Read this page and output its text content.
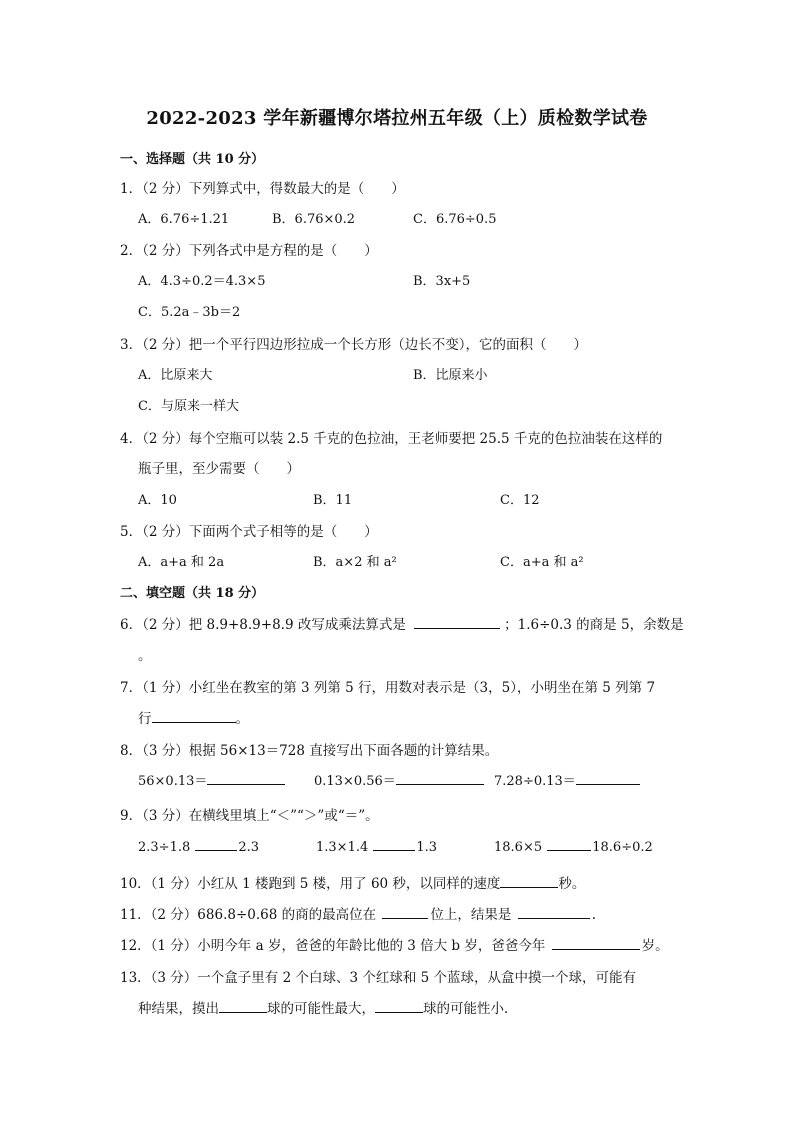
2022-2023 学年新疆博尔塔拉州五年级（上）质检数学试卷
一、选择题（共 10 分）
1．（2 分）下列算式中，得数最大的是（　　）
A．6.76÷1.21	B．6.76×0.2	C．6.76÷0.5
2．（2 分）下列各式中是方程的是（　　）
A．4.3÷0.2＝4.3×5	B．3x+5
C．5.2a﹣3b＝2
3．（2 分）把一个平行四边形拉成一个长方形（边长不变），它的面积（　　）
A．比原来大	B．比原来小
C．与原来一样大
4．（2 分）每个空瓶可以装 2.5 千克的色拉油，王老师要把 25.5 千克的色拉油装在这样的
瓶子里，至少需要（　　）
A．10	B．11	C．12
5．（2 分）下面两个式子相等的是（　　）
A．a+a 和 2a	B．a×2 和 a²	C．a+a 和 a²
二、填空题（共 18 分）
6．（2 分）把 8.9+8.9+8.9 改写成乘法算式是	；1.6÷0.3 的商是 5，余数是
。
7．（1 分）小红坐在教室的第 3 列第 5 行，用数对表示是（3，5），小明坐在第 5 列第 7
行	。
8．（3 分）根据 56×13＝728 直接写出下面各题的计算结果。
56×0.13＝	0.13×0.56＝	7.28÷0.13＝
9．（3 分）在横线里填上“＜”“＞”或“＝”。
2.3÷1.8	2.3	1.3×1.4	1.3	18.6×5	18.6÷0.2
10．（1 分）小红从 1 楼跑到 5 楼，用了 60 秒，以同样的速度	秒。
11．（2 分）686.8÷0.68 的商的最高位在	位上，结果是	.
12．（1 分）小明今年 a 岁，爸爸的年龄比他的 3 倍大 b 岁，爸爸今年	岁。
13．（3 分）一个盒子里有 2 个白球、3 个红球和 5 个蓝球，从盒中摸一个球，可能有
种结果，摸出	球的可能性最大，	球的可能性小．
